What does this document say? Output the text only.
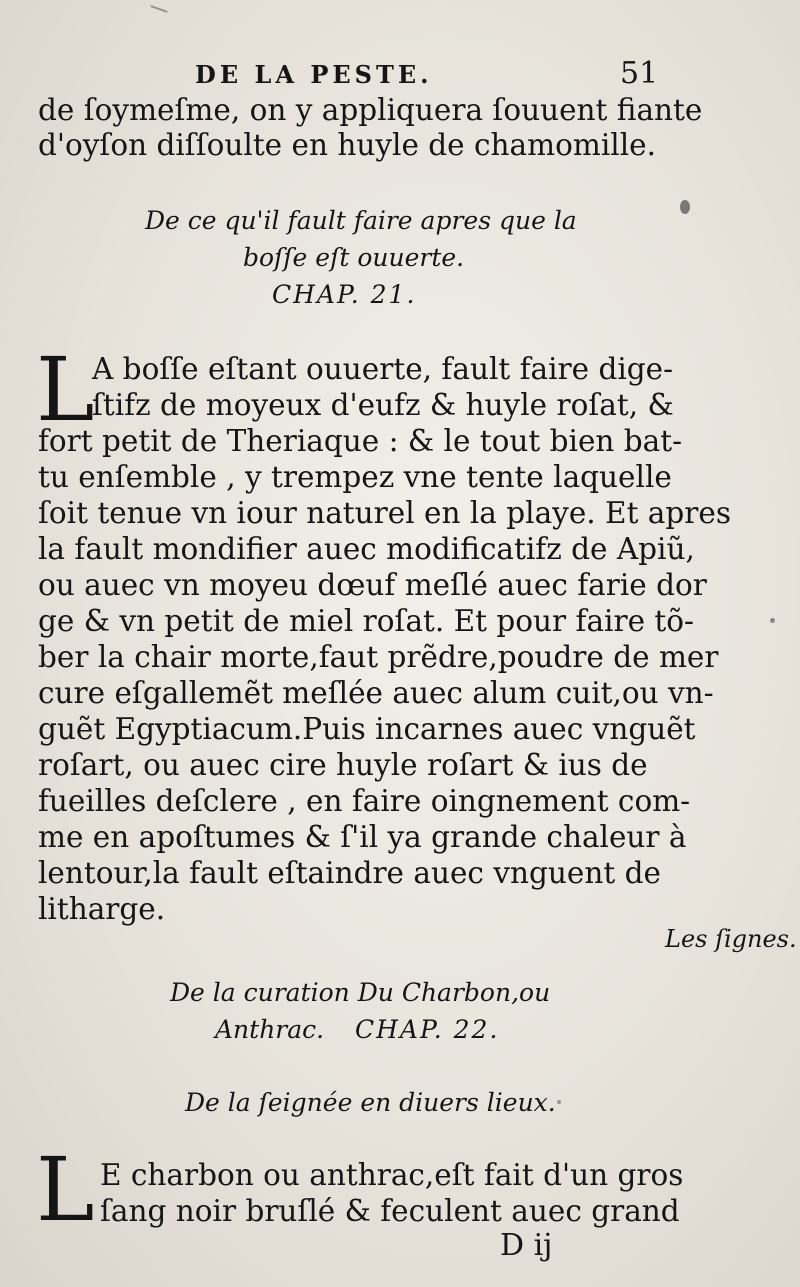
DE LA PESTE.	51
de ſoymeſme, on y appliquera ſouuent fiante
d'oyſon diſſoulte en huyle de chamomille.
De ce qu'il fault faire apres que la
boſſe eſt ouuerte.
CHAP. 21.
L
A boſſe eſtant ouuerte, fault faire dige-
ſtifz de moyeux d'eufz & huyle roſat, &
fort petit de Theriaque : & le tout bien bat-
tu enſemble , y trempez vne tente laquelle
ſoit tenue vn iour naturel en la playe. Et apres
la fault mondifier auec modificatifz de Apiũ,
ou auec vn moyeu dœuf meſlé auec farie dor
ge & vn petit de miel roſat. Et pour faire tõ-
ber la chair morte,faut prẽdre,poudre de mer
cure eſgallemẽt meſlée auec alum cuit,ou vn-
guẽt Egyptiacum.Puis incarnes auec vnguẽt
roſart, ou auec cire huyle roſart & ius de
fueilles deſclere , en faire oingnement com-
me en apoſtumes & ſ'il ya grande chaleur à
lentour,la fault eſtaindre auec vnguent de
litharge.
Les ſignes.
De la curation Du Charbon,ou
Anthrac. CHAP. 22.
De la ſeignée en diuers lieux.
L E charbon ou anthrac,eſt fait d'un gros
ſang noir bruſlé & feculent auec grand
D ij
